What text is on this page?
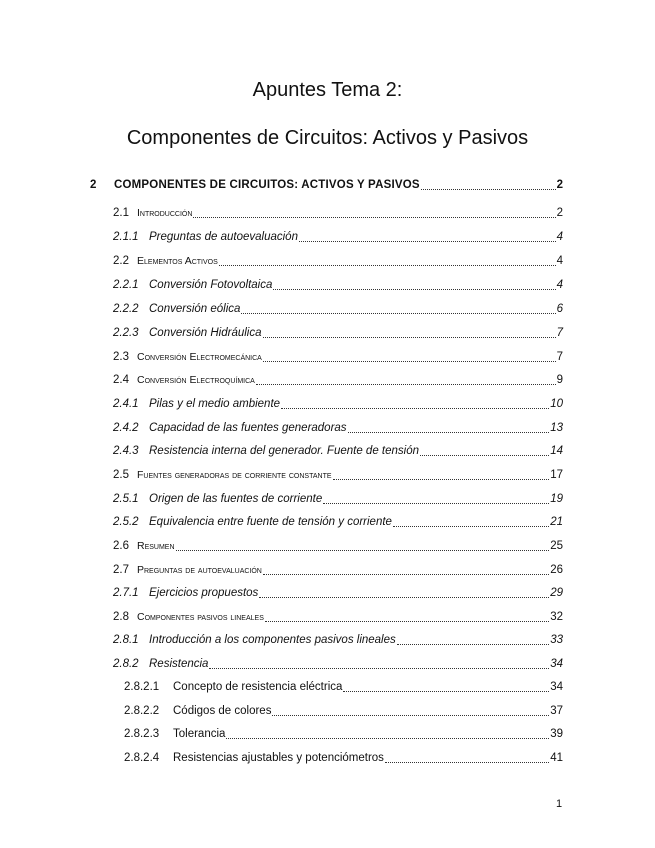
Apuntes Tema 2:
Componentes de Circuitos: Activos y Pasivos
2	COMPONENTES DE CIRCUITOS: ACTIVOS Y PASIVOS	2
2.1 Introducción	2
2.1.1 Preguntas de autoevaluación	4
2.2 Elementos Activos	4
2.2.1 Conversión Fotovoltaica	4
2.2.2 Conversión eólica	6
2.2.3 Conversión Hidráulica	7
2.3 Conversión Electromecánica	7
2.4 Conversión Electroquímica	9
2.4.1 Pilas y el medio ambiente	10
2.4.2 Capacidad de las fuentes generadoras	13
2.4.3 Resistencia interna del generador. Fuente de tensión	14
2.5 Fuentes generadoras de corriente constante	17
2.5.1 Origen de las fuentes de corriente	19
2.5.2 Equivalencia entre fuente de tensión y corriente	21
2.6 Resumen	25
2.7 Preguntas de autoevaluación	26
2.7.1 Ejercicios propuestos	29
2.8 Componentes pasivos lineales	32
2.8.1 Introducción a los componentes pasivos lineales	33
2.8.2 Resistencia	34
2.8.2.1	Concepto de resistencia eléctrica	34
2.8.2.2	Códigos de colores	37
2.8.2.3	Tolerancia	39
2.8.2.4	Resistencias ajustables y potenciómetros	41
1
